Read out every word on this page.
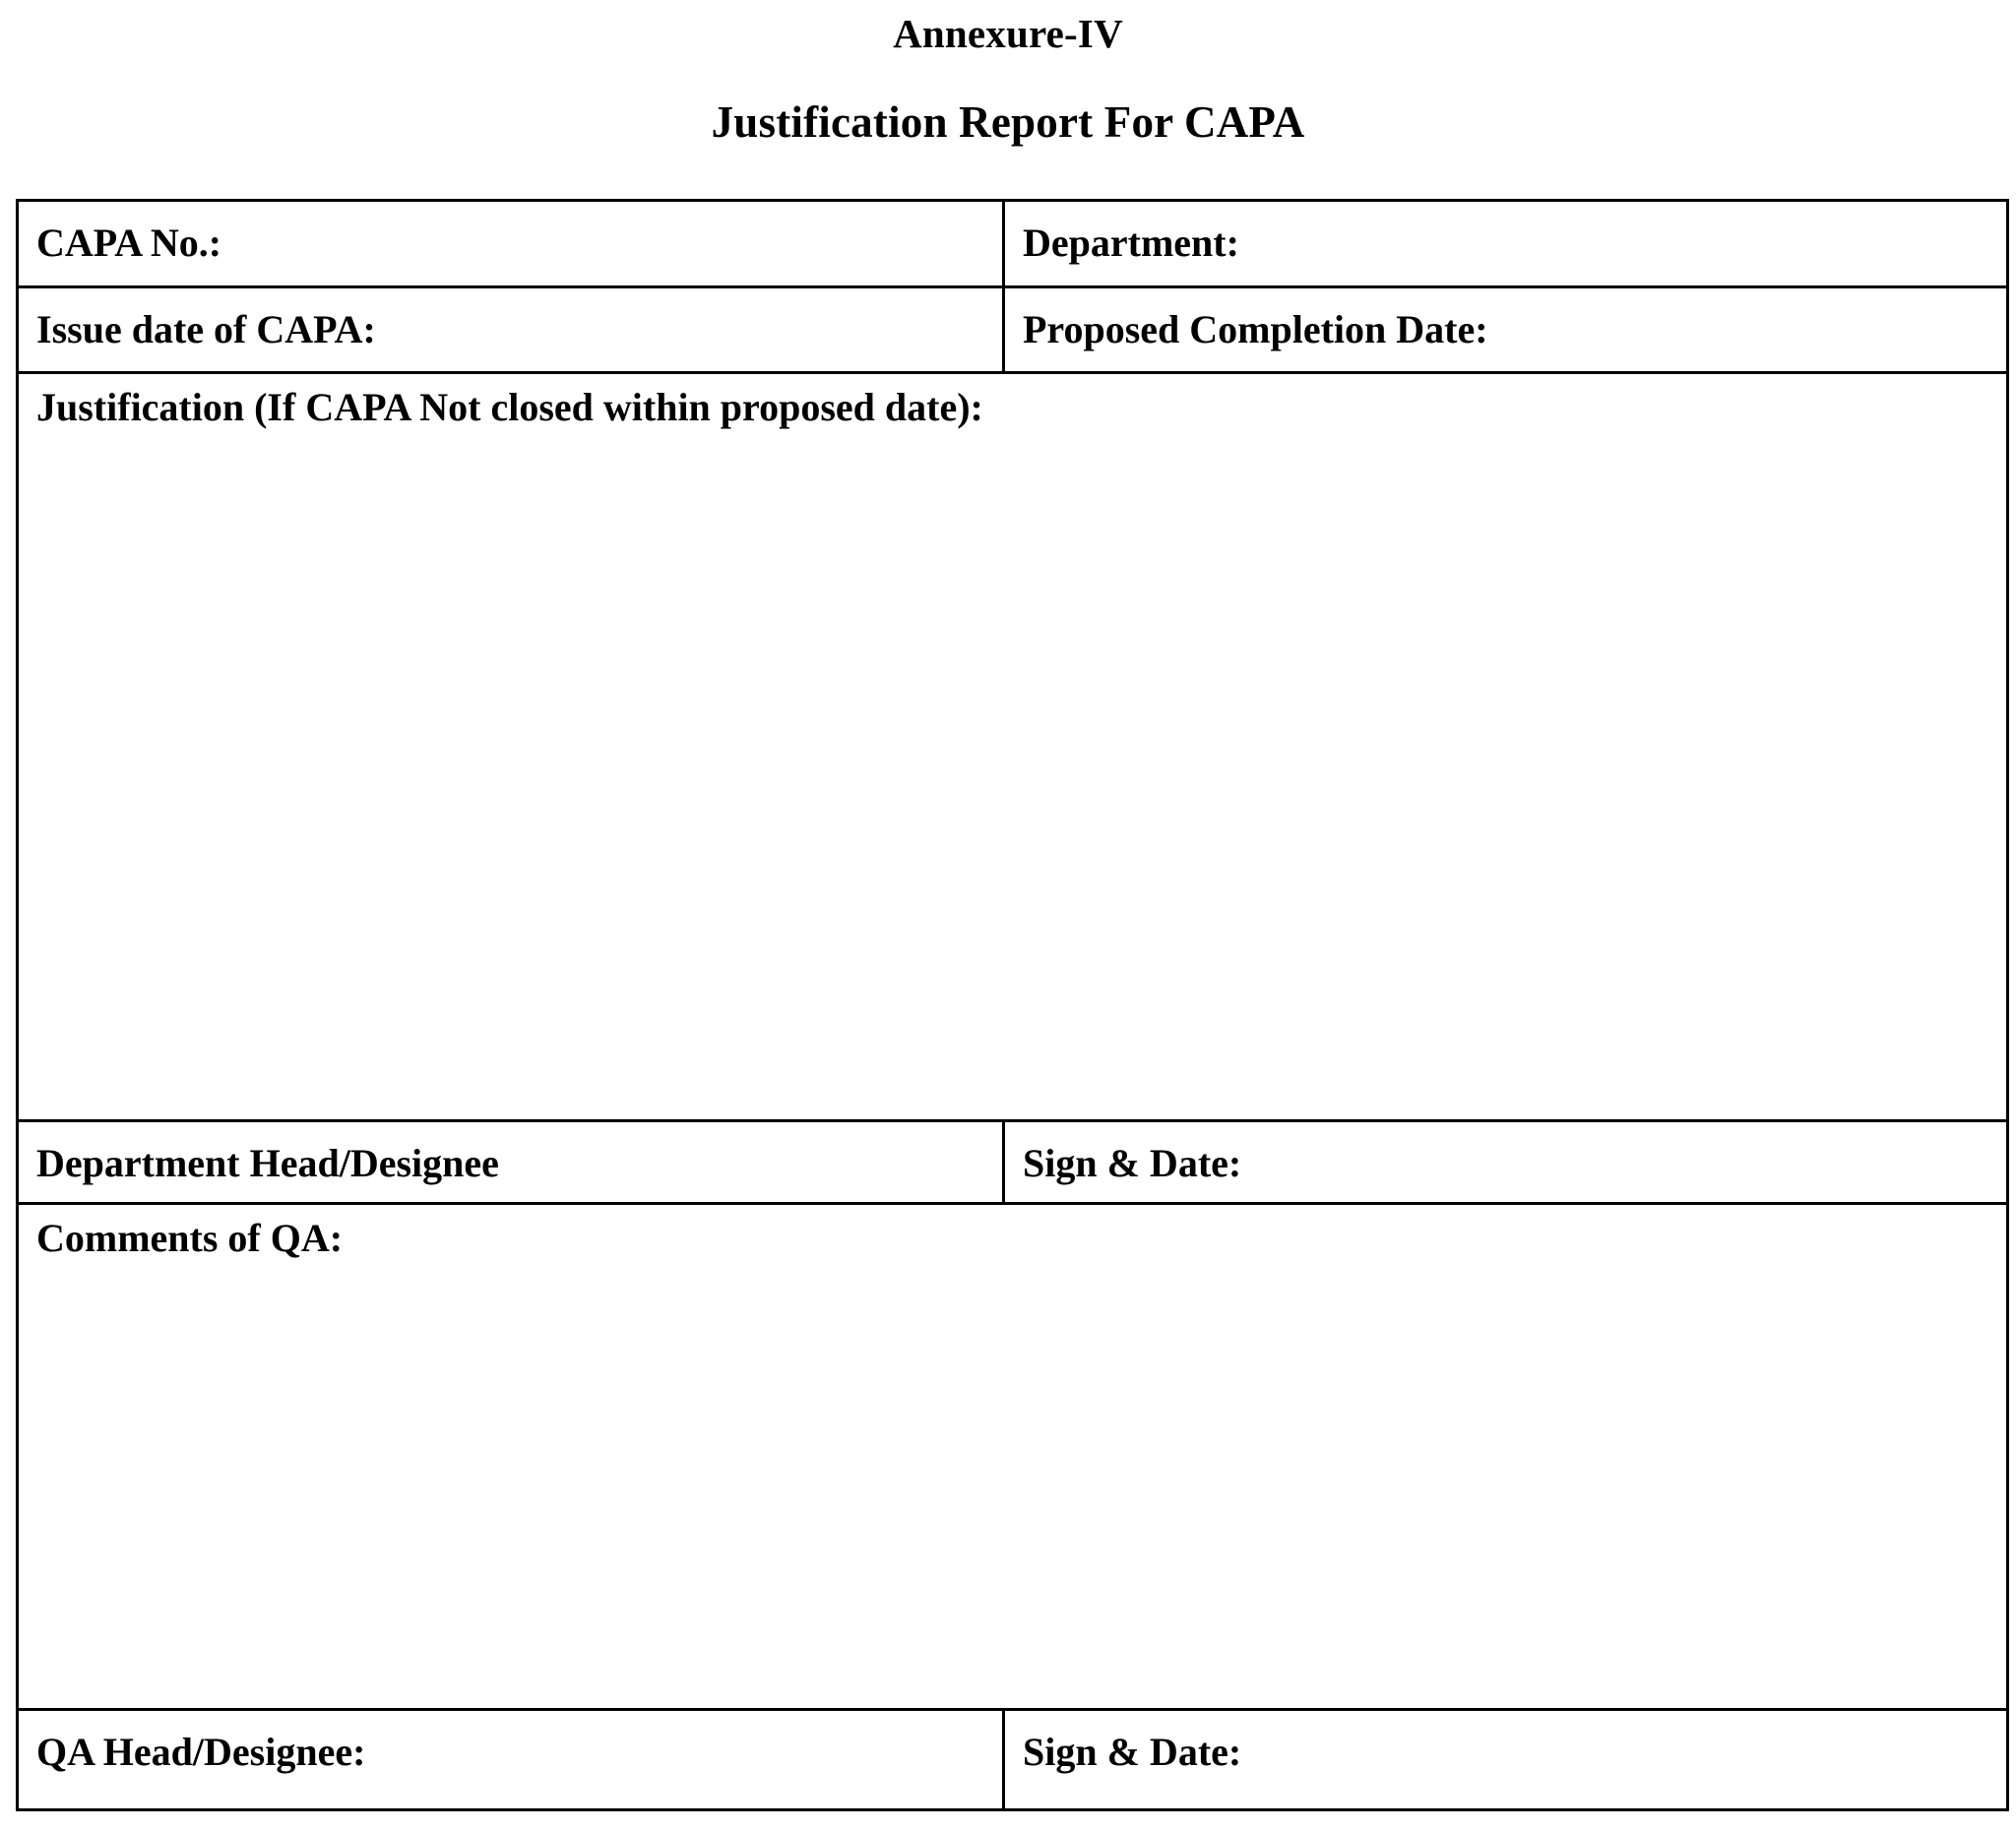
Annexure-IV
Justification Report For CAPA
CAPA No.:	Department:

Issue date of CAPA:	Proposed Completion Date:

Justification (If CAPA Not closed within proposed date):	

Department Head/Designee	Sign & Date:

Comments of QA:	

QA Head/Designee:	Sign & Date:
